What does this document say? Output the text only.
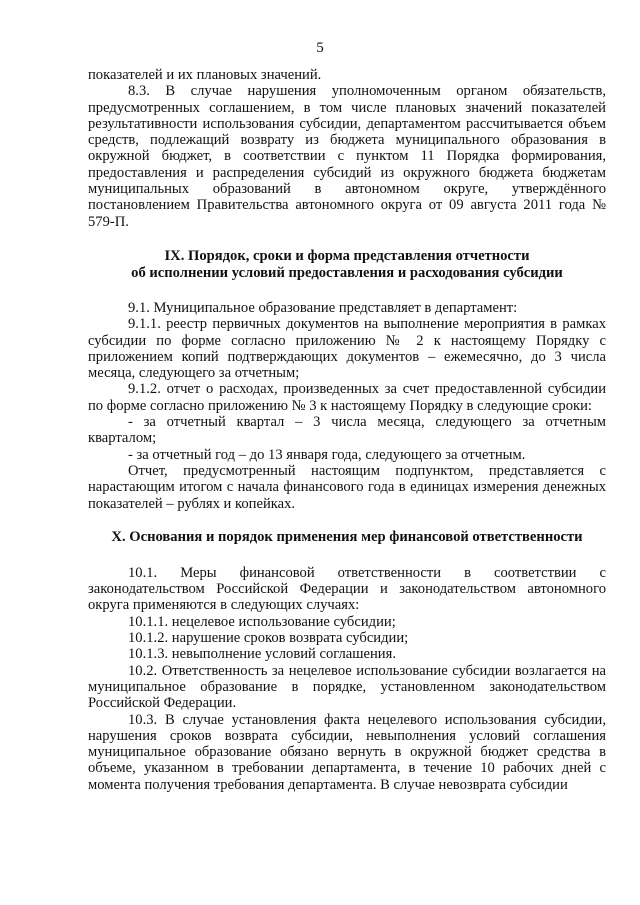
5

показателей и их плановых значений.

8.3. В случае нарушения уполномоченным органом обязательств, предусмотренных соглашением, в том числе плановых значений показателей результативности использования субсидии, департаментом рассчитывается объем средств, подлежащий возврату из бюджета муниципального образования в окружной бюджет, в соответствии с пунктом 11 Порядка формирования, предоставления и распределения субсидий из окружного бюджета бюджетам муниципальных образований в автономном округе, утверждённого постановлением Правительства автономного округа от 09 августа 2011 года № 579-П.

IX. Порядок, сроки и форма представления отчетности
об исполнении условий предоставления и расходования субсидии

9.1. Муниципальное образование представляет в департамент:

9.1.1. реестр первичных документов на выполнение мероприятия в рамках субсидии по форме согласно приложению № 2 к настоящему Порядку с приложением копий подтверждающих документов – ежемесячно, до 3 числа месяца, следующего за отчетным;

9.1.2. отчет о расходах, произведенных за счет предоставленной субсидии по форме согласно приложению № 3 к настоящему Порядку в следующие сроки:

- за отчетный квартал – 3 числа месяца, следующего за отчетным кварталом;

- за отчетный год – до 13 января года, следующего за отчетным.

Отчет, предусмотренный настоящим подпунктом, представляется с нарастающим итогом с начала финансового года в единицах измерения денежных показателей – рублях и копейках.

X. Основания и порядок применения мер финансовой ответственности

10.1. Меры финансовой ответственности в соответствии с законодательством Российской Федерации и законодательством автономного округа применяются в следующих случаях:

10.1.1. нецелевое использование субсидии;

10.1.2. нарушение сроков возврата субсидии;

10.1.3. невыполнение условий соглашения.

10.2. Ответственность за нецелевое использование субсидии возлагается на муниципальное образование в порядке, установленном законодательством Российской Федерации.

10.3. В случае установления факта нецелевого использования субсидии, нарушения сроков возврата субсидии, невыполнения условий соглашения муниципальное образование обязано вернуть в окружной бюджет средства в объеме, указанном в требовании департамента, в течение 10 рабочих дней с момента получения требования департамента. В случае невозврата субсидии
